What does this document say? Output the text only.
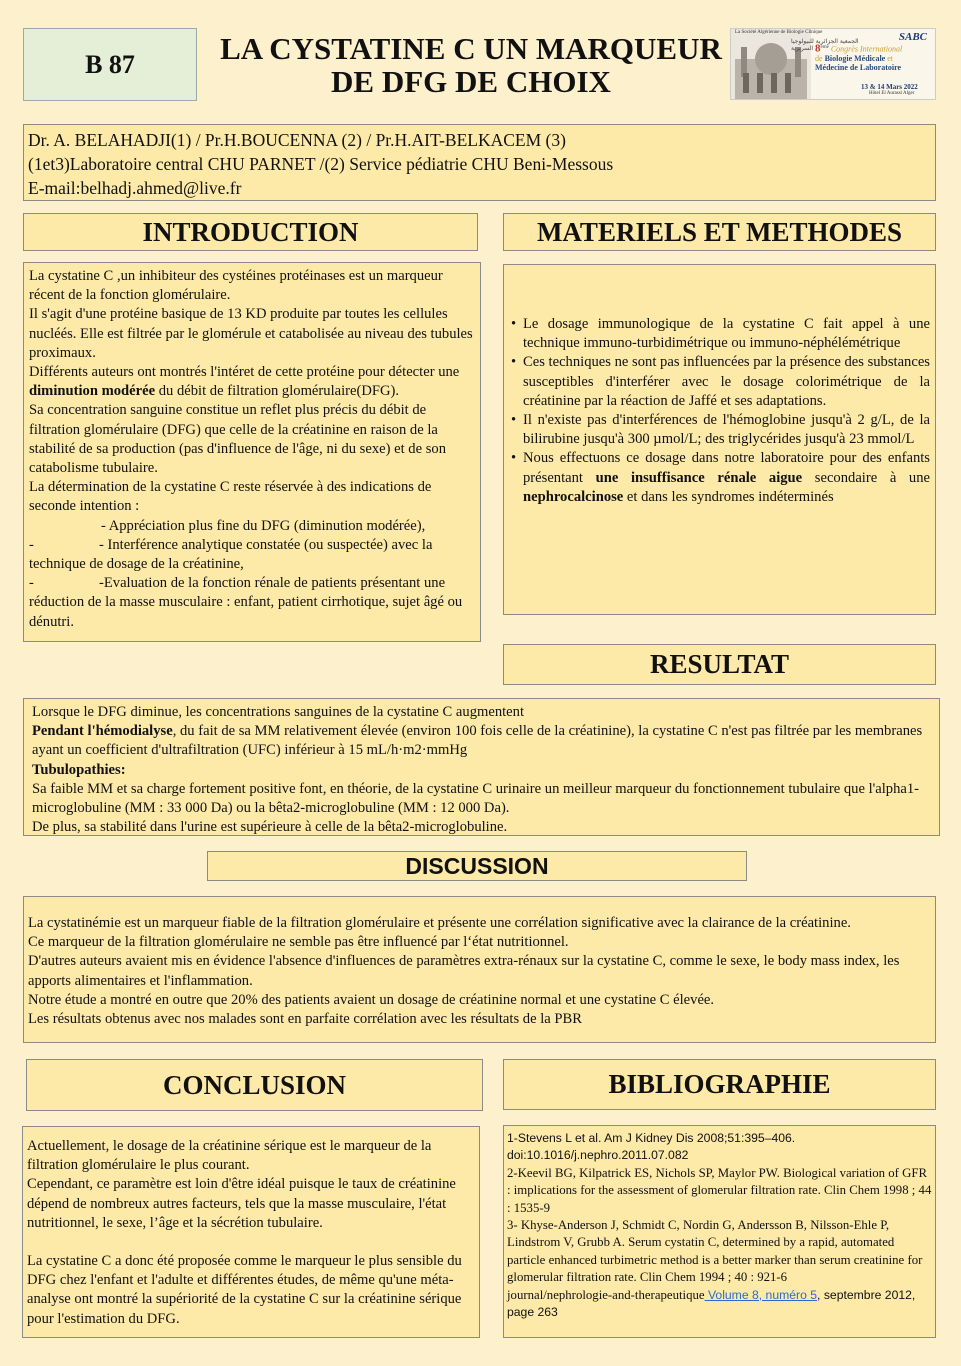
B 87	LA CYSTATINE C UN MARQUEUR
DE DFG DE CHOIX
La Société Algérienne de Biologie Clinique
الجمعية الجزائرية للبيولوجيا السريرية
SABC
8ème Congrès International
de Biologie Médicale et
Médecine de Laboratoire
13 & 14 Mars 2022
Hôtel El Aurassi Alger
Dr. A. BELAHADJI(1) / Pr.H.BOUCENNA (2) / Pr.H.AIT-BELKACEM (3)
(1et3)Laboratoire central CHU PARNET /(2) Service pédiatrie CHU Beni-Messous
E-mail:belhadj.ahmed@live.fr
INTRODUCTION

La cystatine C ,un inhibiteur des cystéines protéinases est un marqueur récent de la fonction glomérulaire.

Il s'agit d'une protéine basique de 13 KD produite par toutes les cellules nucléés. Elle est filtrée par le glomérule et catabolisée au niveau des tubules proximaux.

Différents auteurs ont montrés l'intéret de cette protéine pour détecter une diminution modérée du débit de filtration glomérulaire(DFG).

Sa concentration sanguine constitue un reflet plus précis du débit de filtration glomérulaire (DFG) que celle de la créatinine en raison de la stabilité de sa production (pas d'influence de l'âge, ni du sexe) et de son catabolisme tubulaire.

La détermination de la cystatine C reste réservée à des indications de seconde intention :

- Appréciation plus fine du DFG (diminution modérée),

-	- Interférence analytique constatée (ou suspectée) avec la technique de dosage de la créatinine,

-	-Evaluation de la fonction rénale de patients présentant une réduction de la masse musculaire : enfant, patient cirrhotique, sujet âgé ou dénutri.

MATERIELS ET METHODES
• Le dosage immunologique de la cystatine C fait appel à une technique immuno-turbidimétrique ou immuno-néphélémétrique
• Ces techniques ne sont pas influencées par la présence des substances susceptibles d'interférer avec le dosage colorimétrique de la créatinine par la réaction de Jaffé et ses adaptations.
• Il n'existe pas d'interférences de l'hémoglobine jusqu'à 2 g/L, de la bilirubine jusqu'à 300 µmol/L; des triglycérides jusqu'à 23 mmol/L
• Nous effectuons ce dosage dans notre laboratoire pour des enfants présentant une insuffisance rénale aigue secondaire à une nephrocalcinose et dans les syndromes indéterminés
RESULTAT

Lorsque le DFG diminue, les concentrations sanguines de la cystatine C augmentent

Pendant l'hémodialyse, du fait de sa MM relativement élevée (environ 100 fois celle de la créatinine), la cystatine C n'est pas filtrée par les membranes ayant un coefficient d'ultrafiltration (UFC) inférieur à 15 mL/h·m2·mmHg

Tubulopathies:

Sa faible MM et sa charge fortement positive font, en théorie, de la cystatine C urinaire un meilleur marqueur du fonctionnement tubulaire que l'alpha1-microglobuline (MM : 33 000 Da) ou la bêta2-microglobuline (MM : 12 000 Da).

De plus, sa stabilité dans l'urine est supérieure à celle de la bêta2-microglobuline.

DISCUSSION

La cystatinémie est un marqueur fiable de la filtration glomérulaire et présente une corrélation significative avec la clairance de la créatinine.

Ce marqueur de la filtration glomérulaire ne semble pas être influencé par l‘état nutritionnel.

D'autres auteurs avaient mis en évidence l'absence d'influences de paramètres extra-rénaux sur la cystatine C, comme le sexe, le body mass index, les apports alimentaires et l'inflammation.

Notre étude a montré en outre que 20% des patients avaient un dosage de créatinine normal et une cystatine C élevée.

Les résultats obtenus avec nos malades sont en parfaite corrélation avec les résultats de la PBR

CONCLUSION

Actuellement, le dosage de la créatinine sérique est le marqueur de la filtration glomérulaire le plus courant.

Cependant, ce paramètre est loin d'être idéal puisque le taux de créatinine dépend de nombreux autres facteurs, tels que la masse musculaire, l'état nutritionnel, le sexe, l’âge et la sécrétion tubulaire.

La cystatine C a donc été proposée comme le marqueur le plus sensible du DFG chez l'enfant et l'adulte et différentes études, de même qu'une méta-analyse ont montré la supériorité de la cystatine C sur la créatinine sérique pour l'estimation du DFG.

BIBLIOGRAPHIE
1-Stevens L et al. Am J Kidney Dis 2008;51:395–406. doi:10.1016/j.nephro.2011.07.082
2-Keevil BG, Kilpatrick ES, Nichols SP, Maylor PW. Biological variation of GFR : implications for the assessment of glomerular filtration rate. Clin Chem 1998 ; 44 : 1535-9
3- Khyse-Anderson J, Schmidt C, Nordin G, Andersson B, Nilsson-Ehle P, Lindstrom V, Grubb A. Serum cystatin C, determined by a rapid, automated particle enhanced turbimetric method is a better marker than serum creatinine for glomerular filtration rate. Clin Chem 1994 ; 40 : 921-6
journal/nephrologie-and-therapeutique Volume 8, numéro 5, septembre 2012, page 263
